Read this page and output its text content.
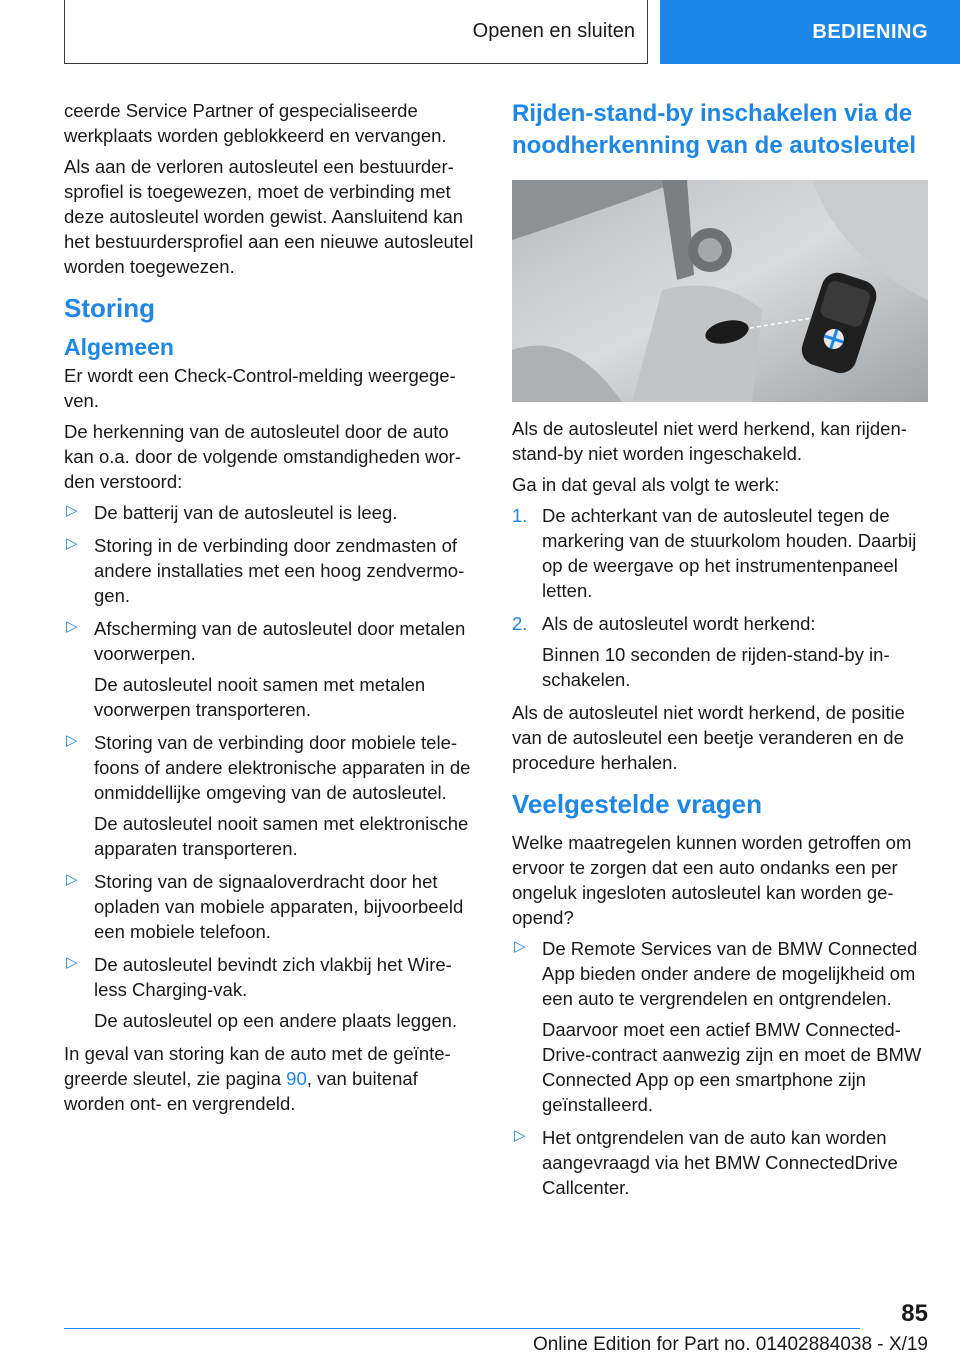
Openen en sluiten	BEDIENING

ceerde Service Partner of gespecialiseerde werkplaats worden geblokkeerd en vervangen.

Als aan de verloren autosleutel een bestuurdersprofiel is toegewezen, moet de verbinding met deze autosleutel worden gewist. Aansluitend kan het bestuurdersprofiel aan een nieuwe autosleutel worden toegewezen.

Storing
Algemeen

Er wordt een Check-Control-melding weergegeven.

De herkenning van de autosleutel door de auto kan o.a. door de volgende omstandigheden worden verstoord:

▷ De batterij van de autosleutel is leeg.

▷ Storing in de verbinding door zendmasten of andere installaties met een hoog zendvermogen.

▷ Afscherming van de autosleutel door metalen voorwerpen.

De autosleutel nooit samen met metalen voorwerpen transporteren.

▷ Storing van de verbinding door mobiele telefoons of andere elektronische apparaten in de onmiddellijke omgeving van de autosleutel.

De autosleutel nooit samen met elektronische apparaten transporteren.

▷ Storing van de signaaloverdracht door het opladen van mobiele apparaten, bijvoorbeeld een mobiele telefoon.

▷ De autosleutel bevindt zich vlakbij het Wireless Charging-vak.

De autosleutel op een andere plaats leggen.

In geval van storing kan de auto met de geïntegreerde sleutel, zie pagina 90, van buitenaf worden ont- en vergrendeld.

Rijden-stand-by inschakelen via de noodherkenning van de autosleutel

Als de autosleutel niet werd herkend, kan rijden-stand-by niet worden ingeschakeld.

Ga in dat geval als volgt te werk:

1. De achterkant van de autosleutel tegen de markering van de stuurkolom houden. Daarbij op de weergave op het instrumentenpaneel letten.

2. Als de autosleutel wordt herkend:

Binnen 10 seconden de rijden-stand-by inschakelen.

Als de autosleutel niet wordt herkend, de positie van de autosleutel een beetje veranderen en de procedure herhalen.

Veelgestelde vragen

Welke maatregelen kunnen worden getroffen om ervoor te zorgen dat een auto ondanks een per ongeluk ingesloten autosleutel kan worden geopend?

▷ De Remote Services van de BMW Connected App bieden onder andere de mogelijkheid om een auto te vergrendelen en ontgrendelen.

Daarvoor moet een actief BMW ConnectedDrive-contract aanwezig zijn en moet de BMW Connected App op een smartphone zijn geïnstalleerd.

▷ Het ontgrendelen van de auto kan worden aangevraagd via het BMW ConnectedDrive Callcenter.

85
Online Edition for Part no. 01402884038 - X/19
